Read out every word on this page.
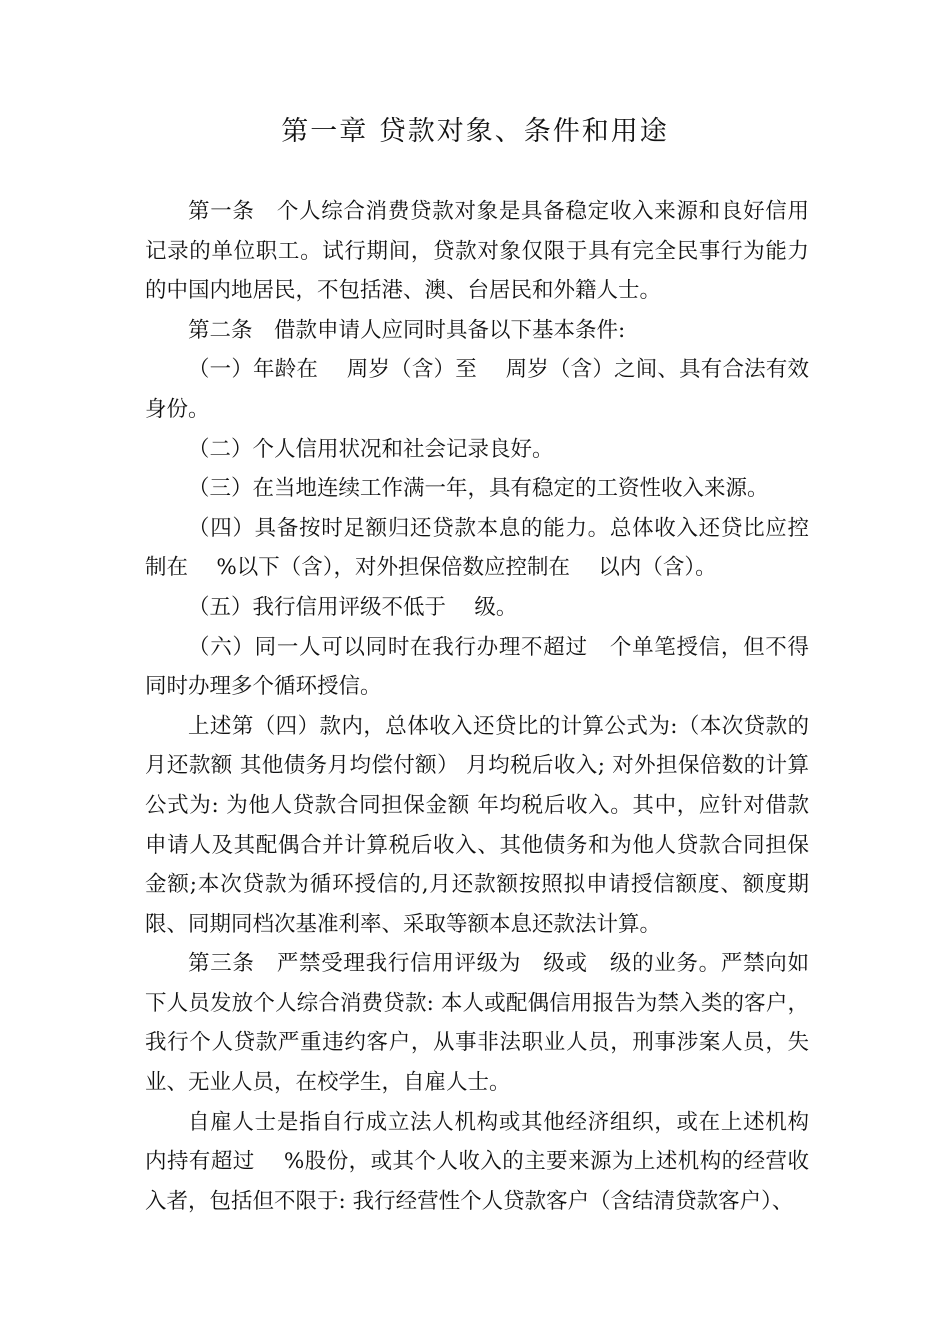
第一章 贷款对象、条件和用途

第一条　个人综合消费贷款对象是具备稳定收入来源和良好信用记录的单位职工。试行期间，贷款对象仅限于具有完全民事行为能力的中国内地居民，不包括港、澳、台居民和外籍人士。

第二条　借款申请人应同时具备以下基本条件:

（一）年龄在　 周岁（含）至　 周岁（含）之间、具有合法有效身份。

（二）个人信用状况和社会记录良好。

（三）在当地连续工作满一年，具有稳定的工资性收入来源。

（四）具备按时足额归还贷款本息的能力。总体收入还贷比应控制在　 %以下（含），对外担保倍数应控制在　 以内（含）。

（五）我行信用评级不低于　 级。

（六）同一人可以同时在我行办理不超过　个单笔授信，但不得同时办理多个循环授信。

上述第（四）款内，总体收入还贷比的计算公式为:（本次贷款的月还款额 其他债务月均偿付额） 月均税后收入; 对外担保倍数的计算公式为: 为他人贷款合同担保金额 年均税后收入。其中，应针对借款申请人及其配偶合并计算税后收入、其他债务和为他人贷款合同担保金额;本次贷款为循环授信的,月还款额按照拟申请授信额度、额度期限、同期同档次基准利率、采取等额本息还款法计算。

第三条　严禁受理我行信用评级为　级或　级的业务。严禁向如下人员发放个人综合消费贷款: 本人或配偶信用报告为禁入类的客户，我行个人贷款严重违约客户，从事非法职业人员，刑事涉案人员，失业、无业人员，在校学生，自雇人士。

自雇人士是指自行成立法人机构或其他经济组织，或在上述机构内持有超过　 %股份，或其个人收入的主要来源为上述机构的经营收入者，包括但不限于: 我行经营性个人贷款客户（含结清贷款客户）、
